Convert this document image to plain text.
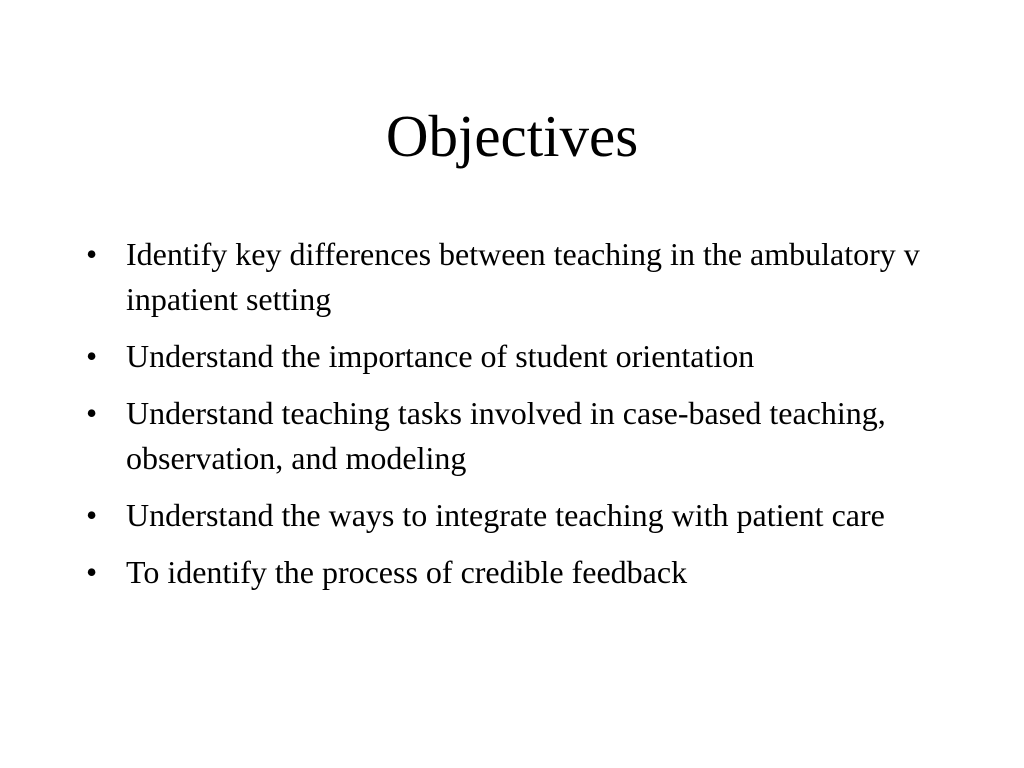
Objectives
• Identify key differences between teaching in the ambulatory v inpatient setting
• Understand the importance of student orientation
• Understand teaching tasks involved in case-based teaching, observation, and modeling
• Understand the ways to integrate teaching with patient care
• To identify the process of credible feedback
